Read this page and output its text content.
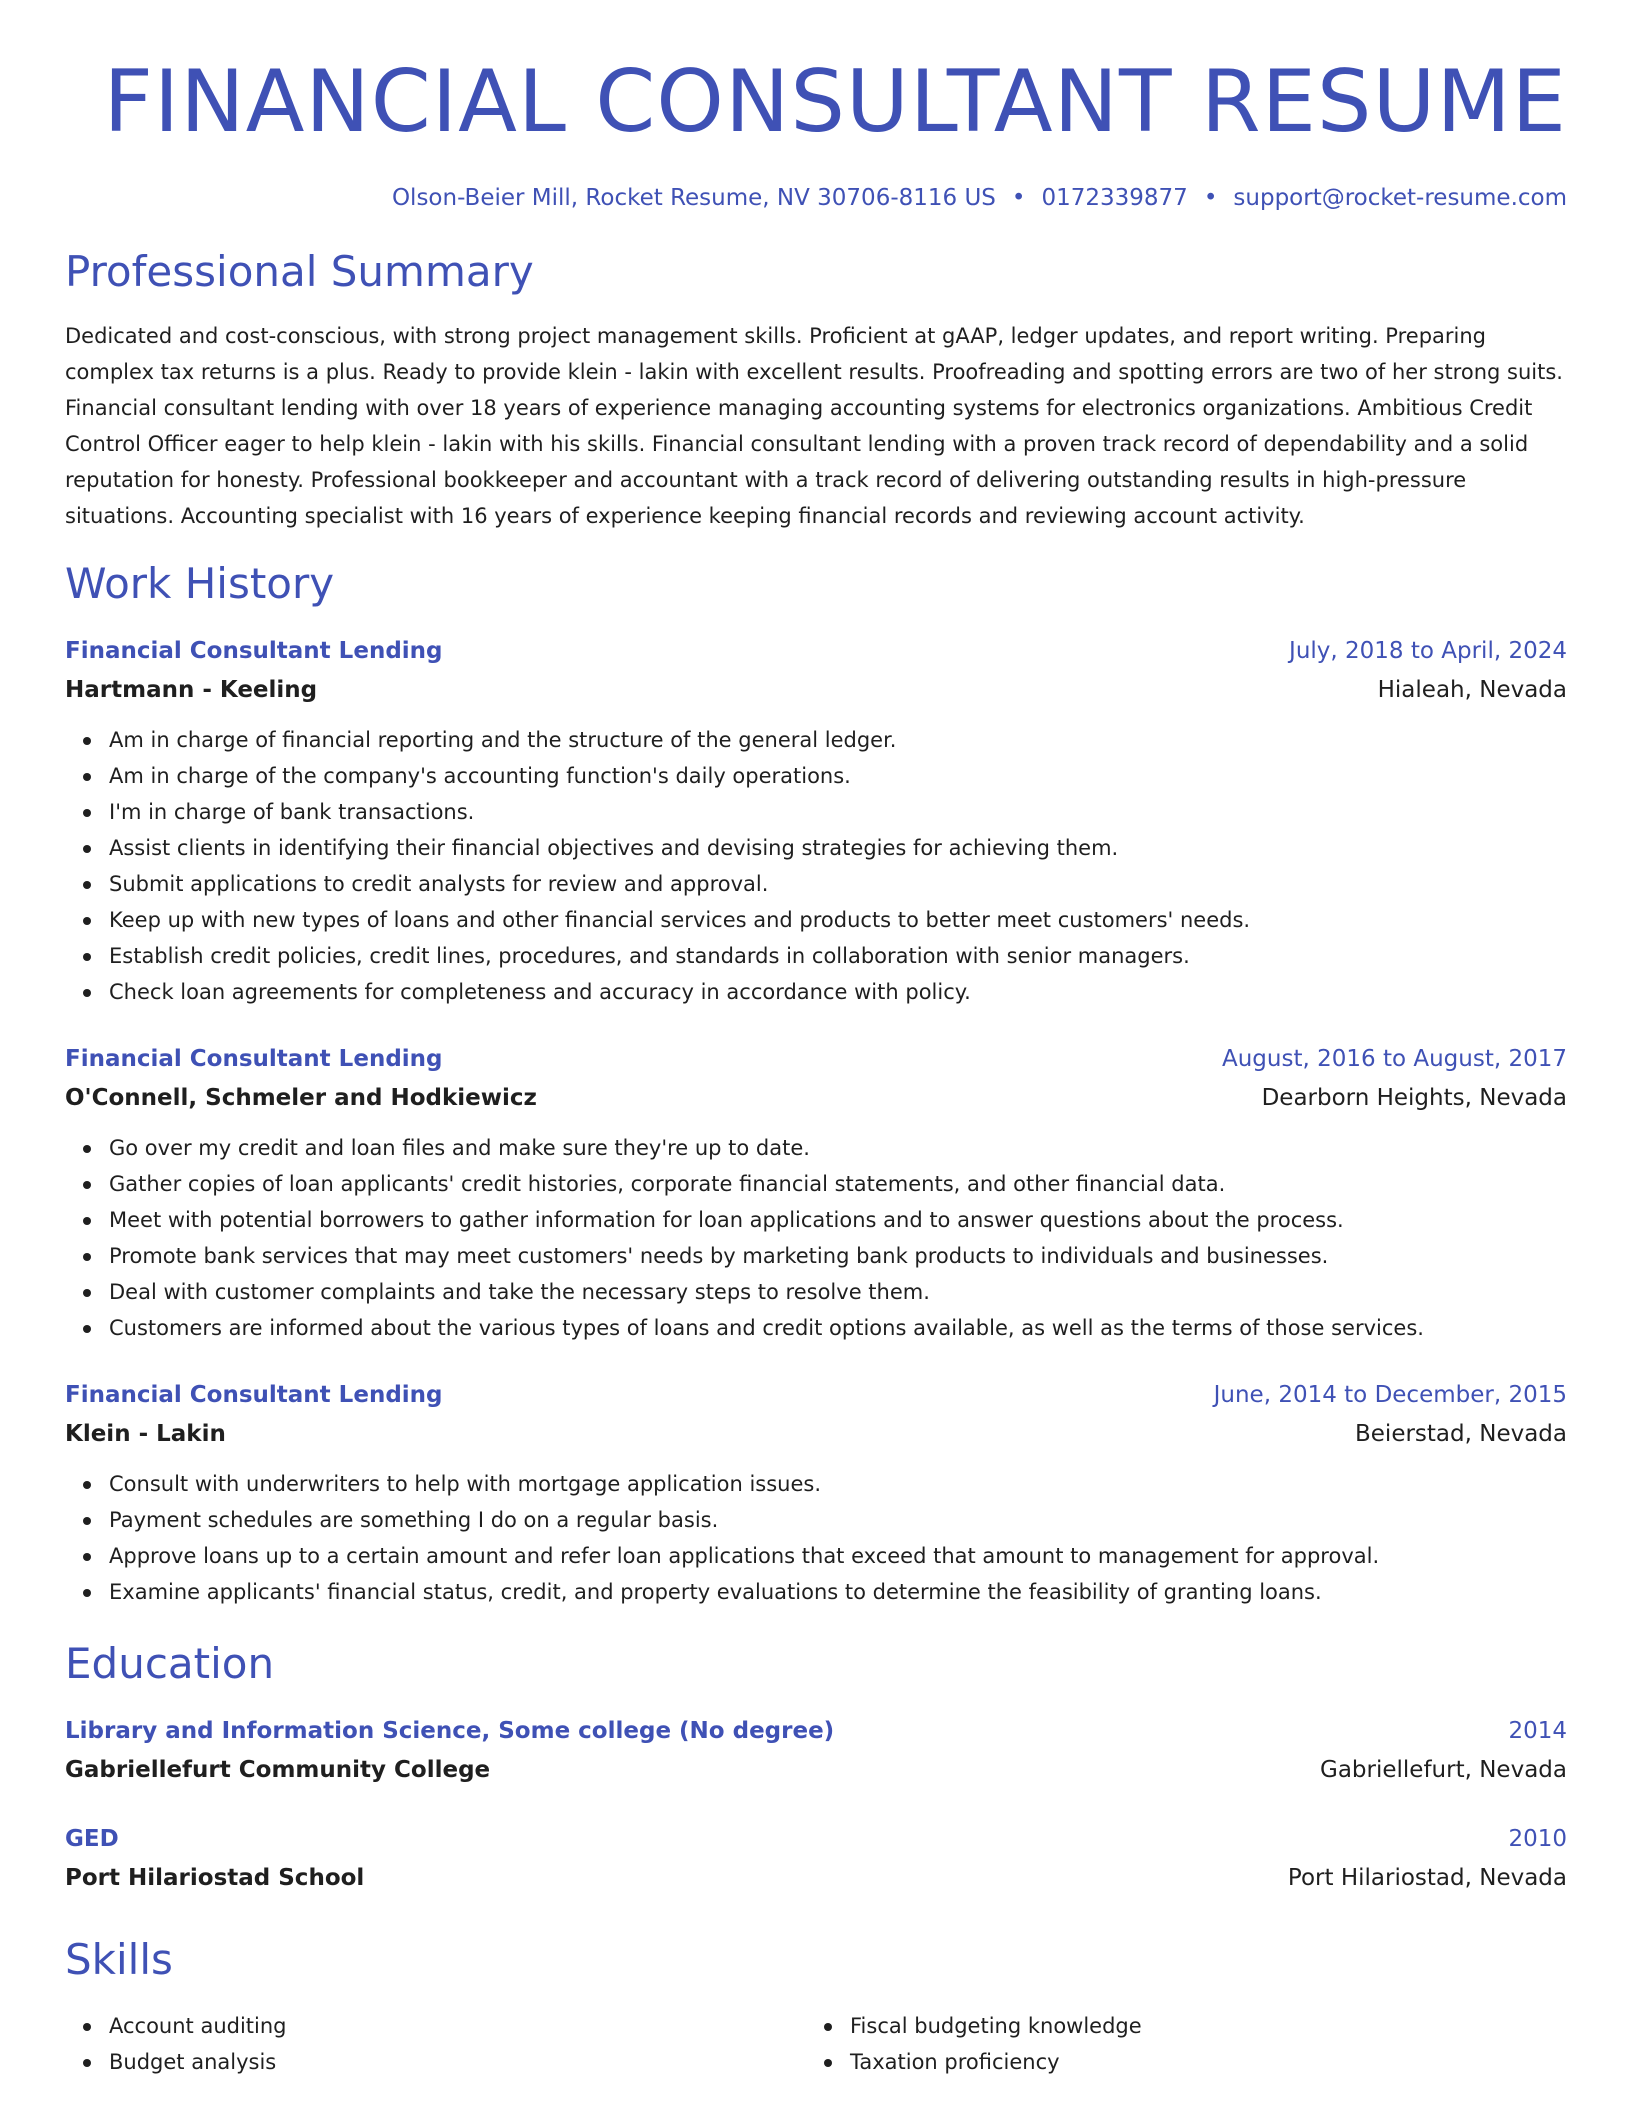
FINANCIAL CONSULTANT RESUME
Olson-Beier Mill, Rocket Resume, NV 30706-8116 US • 0172339877 • support@rocket-resume.com
Professional Summary
Dedicated and cost-conscious, with strong project management skills. Proficient at gAAP, ledger updates, and report writing. Preparing complex tax returns is a plus. Ready to provide klein - lakin with excellent results. Proofreading and spotting errors are two of her strong suits. Financial consultant lending with over 18 years of experience managing accounting systems for electronics organizations. Ambitious Credit Control Officer eager to help klein - lakin with his skills. Financial consultant lending with a proven track record of dependability and a solid reputation for honesty. Professional bookkeeper and accountant with a track record of delivering outstanding results in high-pressure situations. Accounting specialist with 16 years of experience keeping financial records and reviewing account activity.
Work History
Financial Consultant Lending	July, 2018 to April, 2024
Hartmann - Keeling	Hialeah, Nevada
Am in charge of financial reporting and the structure of the general ledger.
Am in charge of the company's accounting function's daily operations.
I'm in charge of bank transactions.
Assist clients in identifying their financial objectives and devising strategies for achieving them.
Submit applications to credit analysts for review and approval.
Keep up with new types of loans and other financial services and products to better meet customers' needs.
Establish credit policies, credit lines, procedures, and standards in collaboration with senior managers.
Check loan agreements for completeness and accuracy in accordance with policy.
Financial Consultant Lending	August, 2016 to August, 2017
O'Connell, Schmeler and Hodkiewicz	Dearborn Heights, Nevada
Go over my credit and loan files and make sure they're up to date.
Gather copies of loan applicants' credit histories, corporate financial statements, and other financial data.
Meet with potential borrowers to gather information for loan applications and to answer questions about the process.
Promote bank services that may meet customers' needs by marketing bank products to individuals and businesses.
Deal with customer complaints and take the necessary steps to resolve them.
Customers are informed about the various types of loans and credit options available, as well as the terms of those services.
Financial Consultant Lending	June, 2014 to December, 2015
Klein - Lakin	Beierstad, Nevada
Consult with underwriters to help with mortgage application issues.
Payment schedules are something I do on a regular basis.
Approve loans up to a certain amount and refer loan applications that exceed that amount to management for approval.
Examine applicants' financial status, credit, and property evaluations to determine the feasibility of granting loans.
Education
Library and Information Science, Some college (No degree)	2014
Gabriellefurt Community College	Gabriellefurt, Nevada
GED	2010
Port Hilariostad School	Port Hilariostad, Nevada
Skills
Account auditing
Budget analysis
Fiscal budgeting knowledge
Taxation proficiency
